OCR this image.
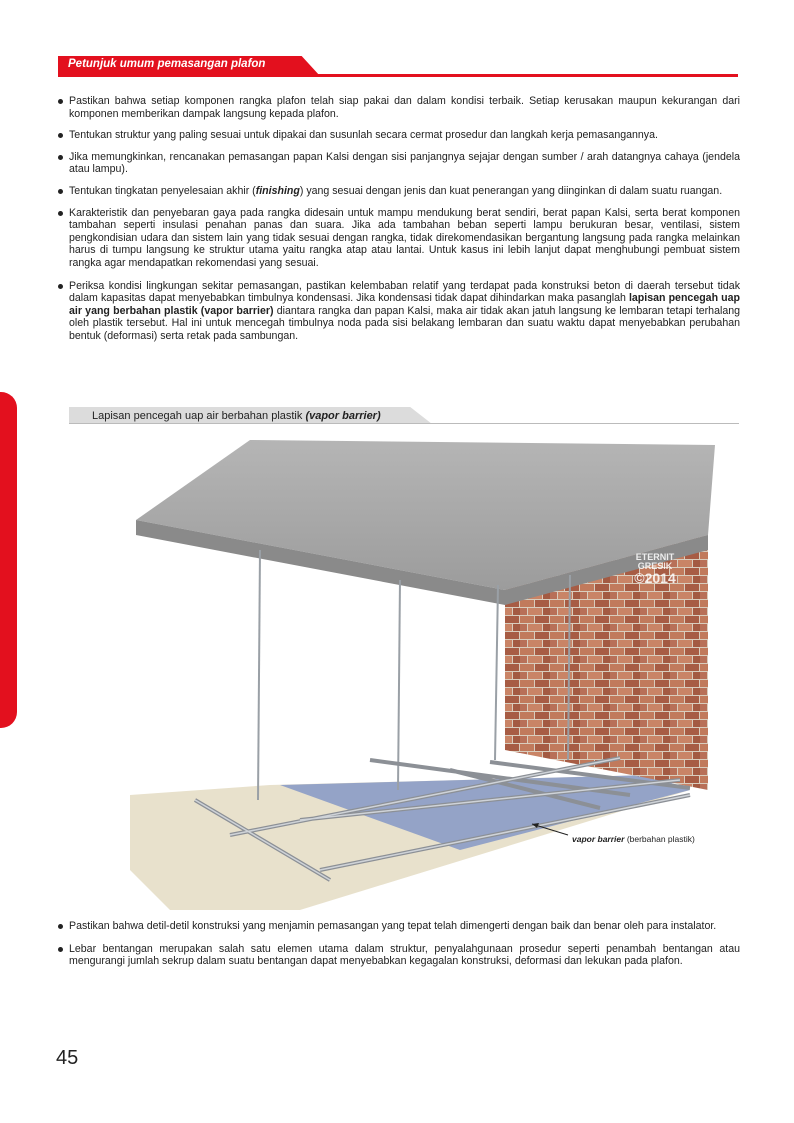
Petunjuk umum pemasangan plafon
Pastikan bahwa setiap komponen rangka plafon telah siap pakai dan dalam kondisi terbaik. Setiap kerusakan maupun kekurangan dari komponen memberikan dampak langsung kepada plafon.
Tentukan struktur yang paling sesuai untuk dipakai dan susunlah secara cermat prosedur dan langkah kerja pemasangannya.
Jika memungkinkan, rencanakan pemasangan papan Kalsi dengan sisi panjangnya sejajar dengan sumber / arah datangnya cahaya (jendela atau lampu).
Tentukan tingkatan penyelesaian akhir (finishing) yang sesuai dengan jenis dan kuat penerangan yang diinginkan di dalam suatu ruangan.
Karakteristik dan penyebaran gaya pada rangka didesain untuk mampu mendukung berat sendiri, berat papan Kalsi, serta berat komponen tambahan seperti insulasi penahan panas dan suara. Jika ada tambahan beban seperti lampu berukuran besar, ventilasi, sistem pengkondisian udara dan sistem lain yang tidak sesuai dengan rangka, tidak direkomendasikan bergantung langsung pada rangka melainkan harus di tumpu langsung ke struktur utama yaitu rangka atap atau lantai. Untuk kasus ini lebih lanjut dapat menghubungi pembuat sistem rangka agar mendapatkan rekomendasi yang sesuai.
Periksa kondisi lingkungan sekitar pemasangan, pastikan kelembaban relatif yang terdapat pada konstruksi beton di daerah tersebut tidak dalam kapasitas dapat menyebabkan timbulnya kondensasi. Jika kondensasi tidak dapat dihindarkan maka pasanglah lapisan pencegah uap air yang berbahan plastik (vapor barrier) diantara rangka dan papan Kalsi, maka air tidak akan jatuh langsung ke lembaran tetapi terhalang oleh plastik tersebut. Hal ini untuk mencegah timbulnya noda pada sisi belakang lembaran dan suatu waktu dapat menyebabkan perubahan bentuk (deformasi) serta retak pada sambungan.
Lapisan pencegah uap air berbahan plastik (vapor barrier)
ETERNIT
GRESIK
©2014
vapor barrier (berbahan plastik)
Pastikan bahwa detil-detil konstruksi yang menjamin pemasangan yang tepat telah dimengerti dengan baik dan benar oleh para instalator.
Lebar bentangan merupakan salah satu elemen utama dalam struktur, penyalahgunaan prosedur seperti penambah bentangan atau mengurangi jumlah sekrup dalam suatu bentangan dapat menyebabkan kegagalan konstruksi, deformasi dan lekukan pada plafon.
45
